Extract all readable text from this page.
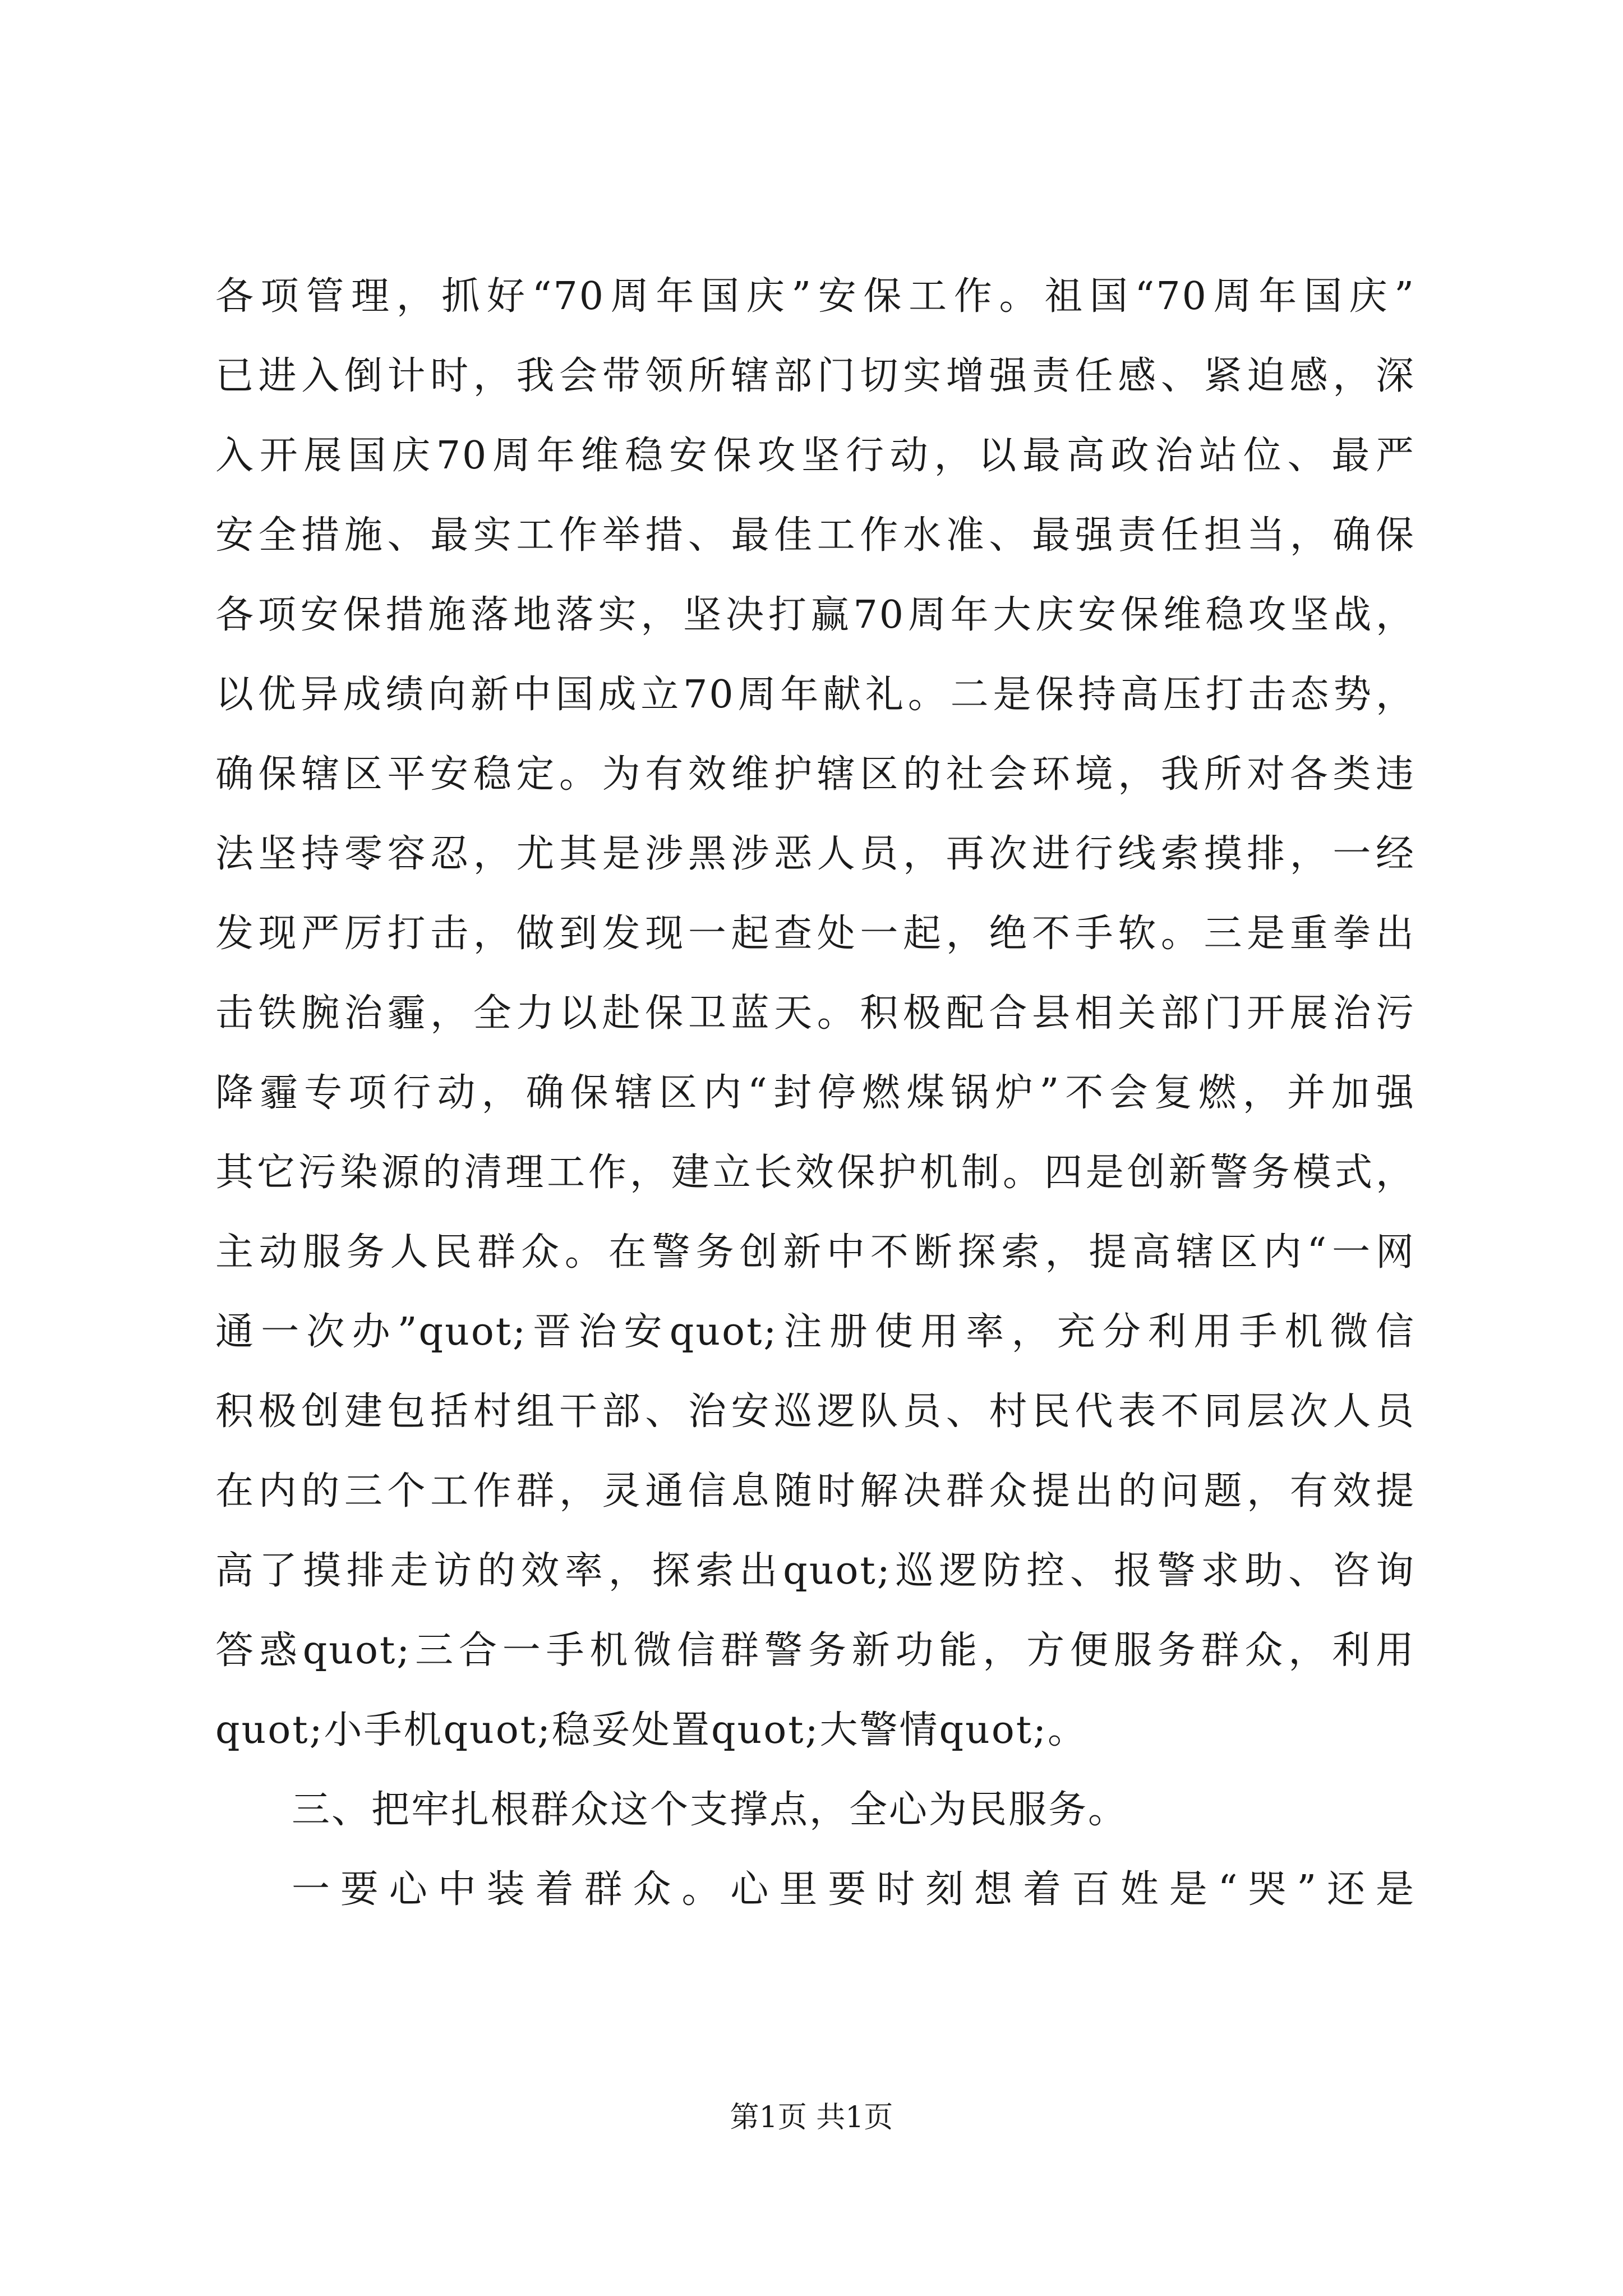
各项管理，抓好“70周年国庆”安保工作。祖国“70周年国庆”
已进入倒计时，我会带领所辖部门切实增强责任感、紧迫感，深
入开展国庆70周年维稳安保攻坚行动，以最高政治站位、最严
安全措施、最实工作举措、最佳工作水准、最强责任担当，确保
各项安保措施落地落实，坚决打赢70周年大庆安保维稳攻坚战，
以优异成绩向新中国成立70周年献礼。二是保持高压打击态势，
确保辖区平安稳定。为有效维护辖区的社会环境，我所对各类违
法坚持零容忍，尤其是涉黑涉恶人员，再次进行线索摸排，一经
发现严厉打击，做到发现一起查处一起，绝不手软。三是重拳出
击铁腕治霾，全力以赴保卫蓝天。积极配合县相关部门开展治污
降霾专项行动，确保辖区内“封停燃煤锅炉”不会复燃，并加强
其它污染源的清理工作，建立长效保护机制。四是创新警务模式，
主动服务人民群众。在警务创新中不断探索，提高辖区内“一网
通一次办”quot;晋治安quot;注册使用率，充分利用手机微信
积极创建包括村组干部、治安巡逻队员、村民代表不同层次人员
在内的三个工作群，灵通信息随时解决群众提出的问题，有效提
高了摸排走访的效率，探索出quot;巡逻防控、报警求助、咨询
答惑quot;三合一手机微信群警务新功能，方便服务群众，利用
quot;小手机quot;稳妥处置quot;大警情quot;。
三、把牢扎根群众这个支撑点，全心为民服务。
一要心中装着群众。心里要时刻想着百姓是“哭”还是
第1页 共1页
